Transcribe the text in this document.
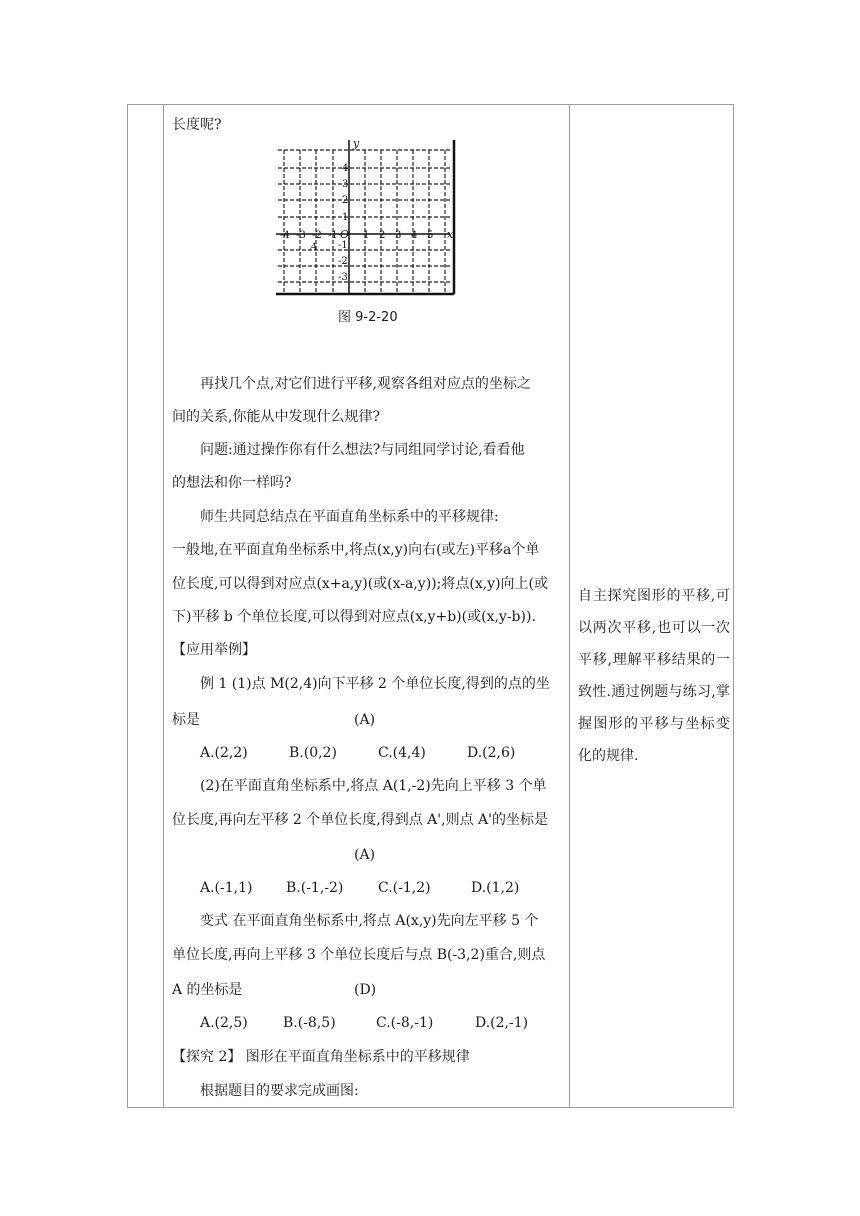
长度呢?
再找几个点,对它们进行平移,观察各组对应点的坐标之
间的关系,你能从中发现什么规律?
问题:通过操作你有什么想法?与同组同学讨论,看看他
的想法和你一样吗?
师生共同总结点在平面直角坐标系中的平移规律:
一般地,在平面直角坐标系中,将点(x,y)向右(或左)平移a个单
位长度,可以得到对应点(x+a,y)(或(x-a,y));将点(x,y)向上(或
下)平移 b 个单位长度,可以得到对应点(x,y+b)(或(x,y-b)).
【应用举例】
例 1 (1)点 M(2,4)向下平移 2 个单位长度,得到的点的坐
标是	(A)
A.(2,2)	B.(0,2)	C.(4,4)	D.(2,6)
(2)在平面直角坐标系中,将点 A(1,-2)先向上平移 3 个单
位长度,再向左平移 2 个单位长度,得到点 A',则点 A'的坐标是
(A)
A.(-1,1) B.(-1,-2) C.(-1,2)	D.(1,2)
变式 在平面直角坐标系中,将点 A(x,y)先向左平移 5 个
单位长度,再向上平移 3 个单位长度后与点 B(-3,2)重合,则点
A 的坐标是	(D)
A.(2,5)	B.(-8,5)	C.(-8,-1)	D.(2,-1)
【探究 2】 图形在平面直角坐标系中的平移规律
根据题目的要求完成画图:
-4 -3 -2 -1	1 2 3 4 5
4
3
2
1
-1
-2
-3
y
x
O
A
图 9-2-20
自主探究图形的平移,可以两次平移,也可以一次平移,理解平移结果的一致性.通过例题与练习,掌握图形的平移与坐标变化的规律.
